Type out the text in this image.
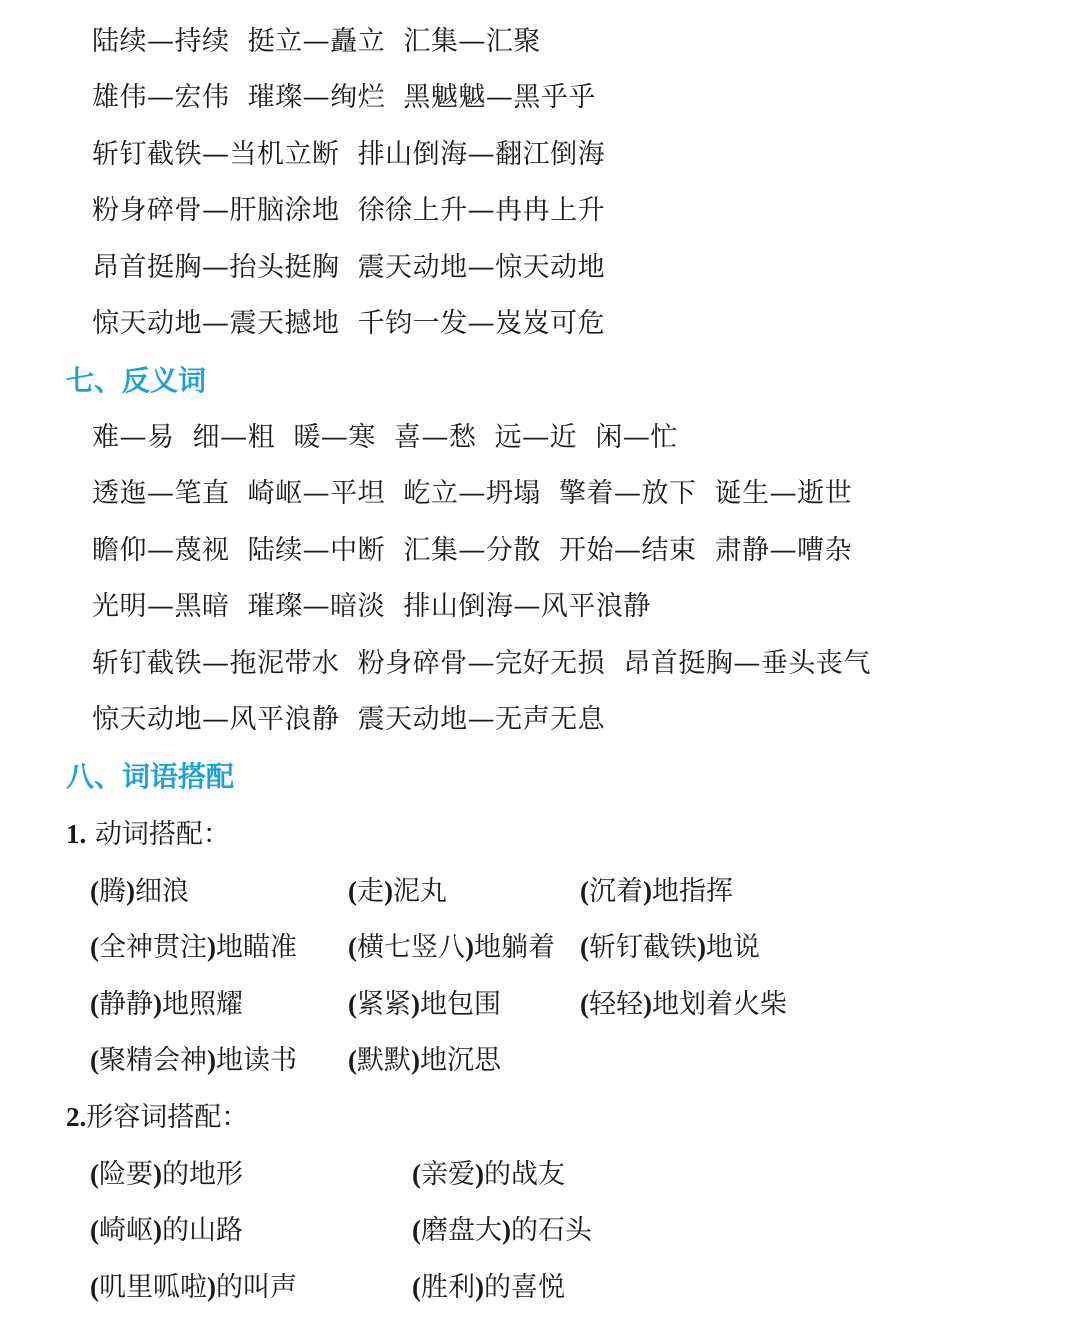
陆续—持续  挺立—矗立  汇集—汇聚
雄伟—宏伟  璀璨—绚烂  黑魆魆—黑乎乎
斩钉截铁—当机立断  排山倒海—翻江倒海
粉身碎骨—肝脑涂地  徐徐上升—冉冉上升
昂首挺胸—抬头挺胸  震天动地—惊天动地
惊天动地—震天撼地  千钧一发—岌岌可危
七、反义词
难—易  细—粗  暖—寒  喜—愁  远—近  闲—忙
透迤—笔直  崎岖—平坦  屹立—坍塌  擎着—放下  诞生—逝世
瞻仰—蔑视  陆续—中断  汇集—分散  开始—结束  肃静—嘈杂
光明—黑暗  璀璨—暗淡  排山倒海—风平浪静
斩钉截铁—拖泥带水  粉身碎骨—完好无损  昂首挺胸—垂头丧气
惊天动地—风平浪静  震天动地—无声无息
八、词语搭配
1. 动词搭配：
(腾)细浪	(走)泥丸	(沉着)地指挥
(全神贯注)地瞄准 (横七竖八)地躺着 (斩钉截铁)地说
(静静)地照耀	(紧紧)地包围	(轻轻)地划着火柴
(聚精会神)地读书 (默默)地沉思
2.形容词搭配：
(险要)的地形	(亲爱)的战友
(崎岖)的山路	(磨盘大)的石头
(叽里呱啦)的叫声	(胜利)的喜悦
